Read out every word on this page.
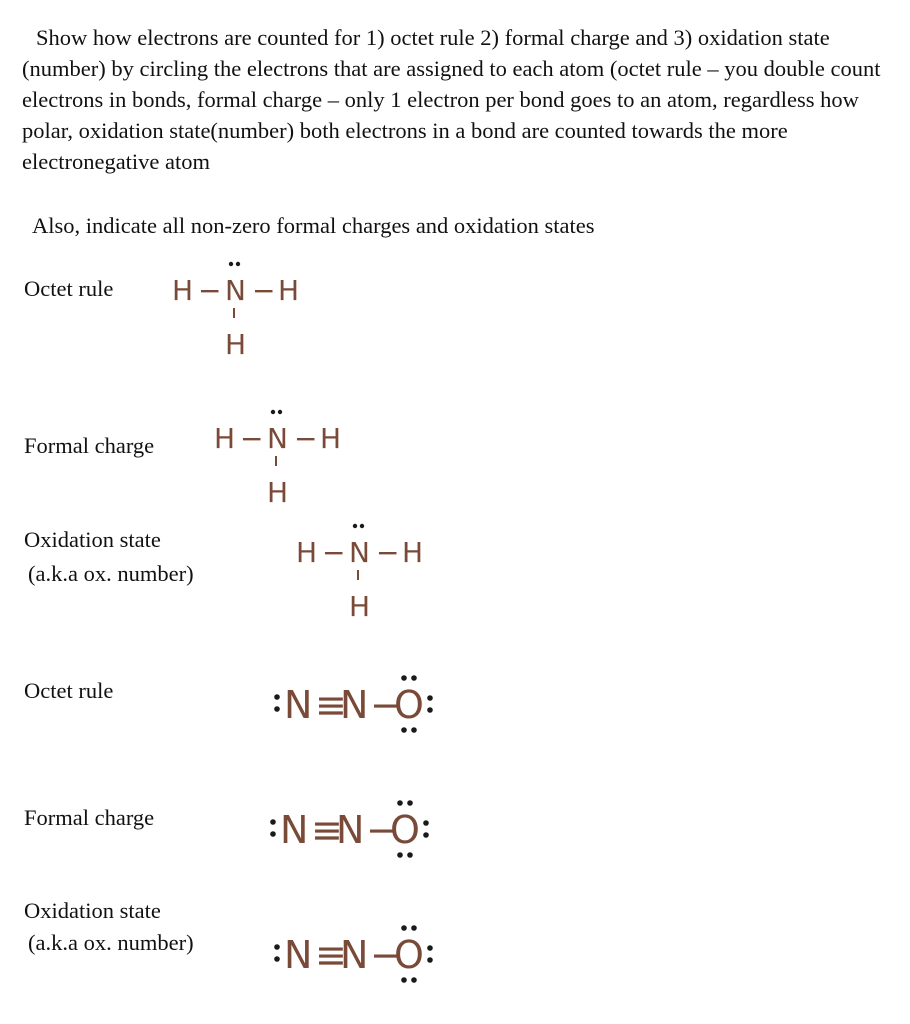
Show how electrons are counted for 1) octet rule 2) formal charge and 3) oxidation state (number) by circling the electrons that are assigned to each atom (octet rule – you double count electrons in bonds, formal charge – only 1 electron per bond goes to an atom, regardless how polar, oxidation state(number) both electrons in a bond are counted towards the more electronegative atom

Also, indicate all non-zero formal charges and oxidation states

Octet rule

Formal charge

Oxidation state

(a.k.a ox. number)

Octet rule

Formal charge

Oxidation state

(a.k.a ox. number)

H − N − H
H
H − N − H
H
H − N − H
H
N ≡
N −
O
N ≡
N −
O
N ≡
N −
O
